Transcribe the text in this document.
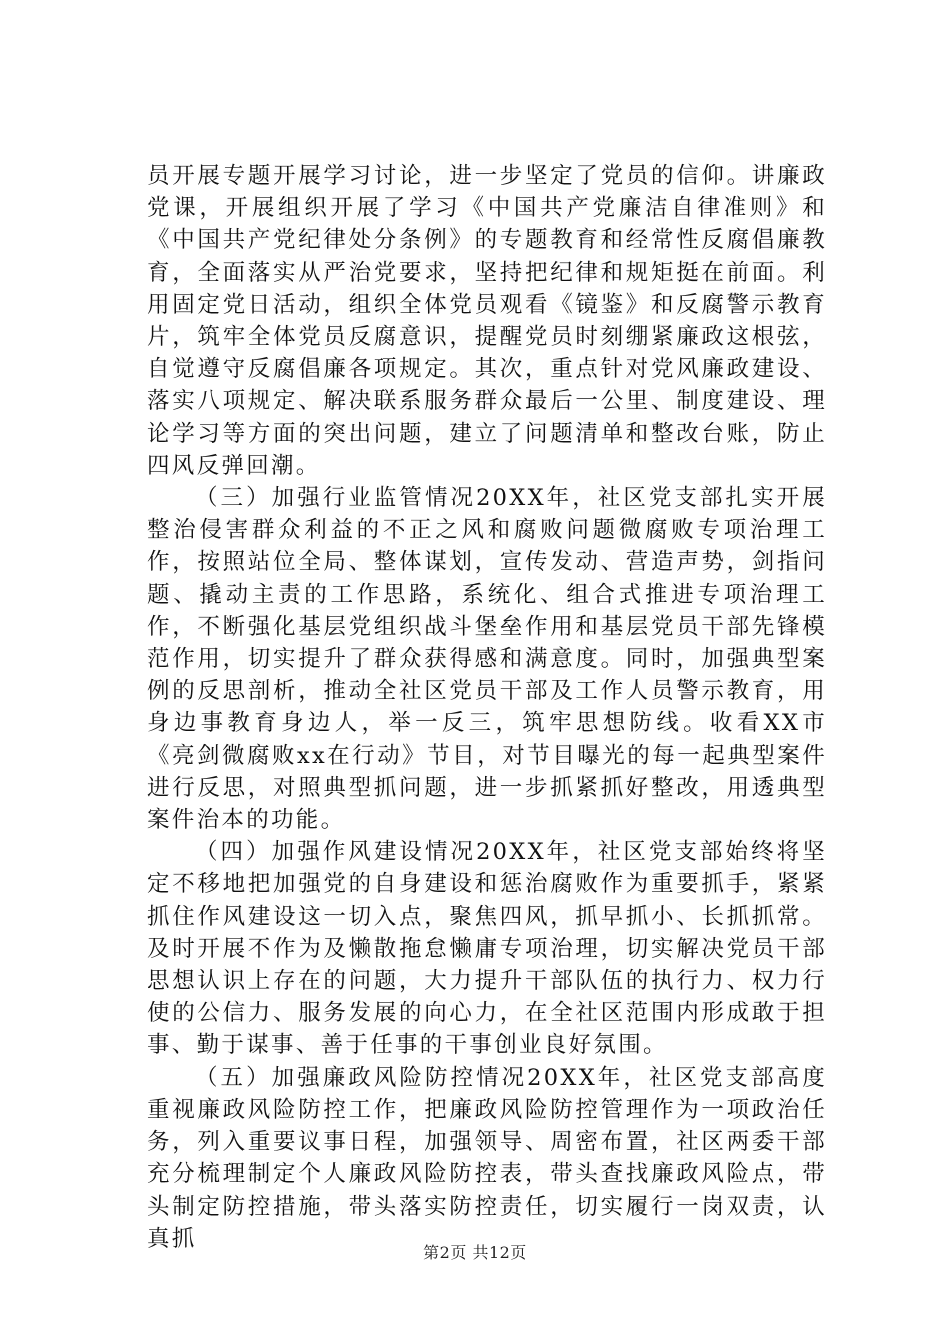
员开展专题开展学习讨论，进一步坚定了党员的信仰。讲廉政党课，开展组织开展了学习《中国共产党廉洁自律准则》和《中国共产党纪律处分条例》的专题教育和经常性反腐倡廉教育，全面落实从严治党要求，坚持把纪律和规矩挺在前面。利用固定党日活动，组织全体党员观看《镜鉴》和反腐警示教育片，筑牢全体党员反腐意识，提醒党员时刻绷紧廉政这根弦，自觉遵守反腐倡廉各项规定。其次，重点针对党风廉政建设、落实八项规定、解决联系服务群众最后一公里、制度建设、理论学习等方面的突出问题，建立了问题清单和整改台账，防止四风反弹回潮。

（三）加强行业监管情况20XX年，社区党支部扎实开展整治侵害群众利益的不正之风和腐败问题微腐败专项治理工作，按照站位全局、整体谋划，宣传发动、营造声势，剑指问题、撬动主责的工作思路，系统化、组合式推进专项治理工作，不断强化基层党组织战斗堡垒作用和基层党员干部先锋模范作用，切实提升了群众获得感和满意度。同时，加强典型案例的反思剖析，推动全社区党员干部及工作人员警示教育，用身边事教育身边人，举一反三，筑牢思想防线。收看XX市《亮剑微腐败xx在行动》节目，对节目曝光的每一起典型案件进行反思，对照典型抓问题，进一步抓紧抓好整改，用透典型案件治本的功能。

（四）加强作风建设情况20XX年，社区党支部始终将坚定不移地把加强党的自身建设和惩治腐败作为重要抓手，紧紧抓住作风建设这一切入点，聚焦四风，抓早抓小、长抓抓常。及时开展不作为及懒散拖怠懒庸专项治理，切实解决党员干部思想认识上存在的问题，大力提升干部队伍的执行力、权力行使的公信力、服务发展的向心力，在全社区范围内形成敢于担事、勤于谋事、善于任事的干事创业良好氛围。

（五）加强廉政风险防控情况20XX年，社区党支部高度重视廉政风险防控工作，把廉政风险防控管理作为一项政治任务，列入重要议事日程，加强领导、周密布置，社区两委干部充分梳理制定个人廉政风险防控表，带头查找廉政风险点，带头制定防控措施，带头落实防控责任，切实履行一岗双责，认真抓

第2页 共12页
